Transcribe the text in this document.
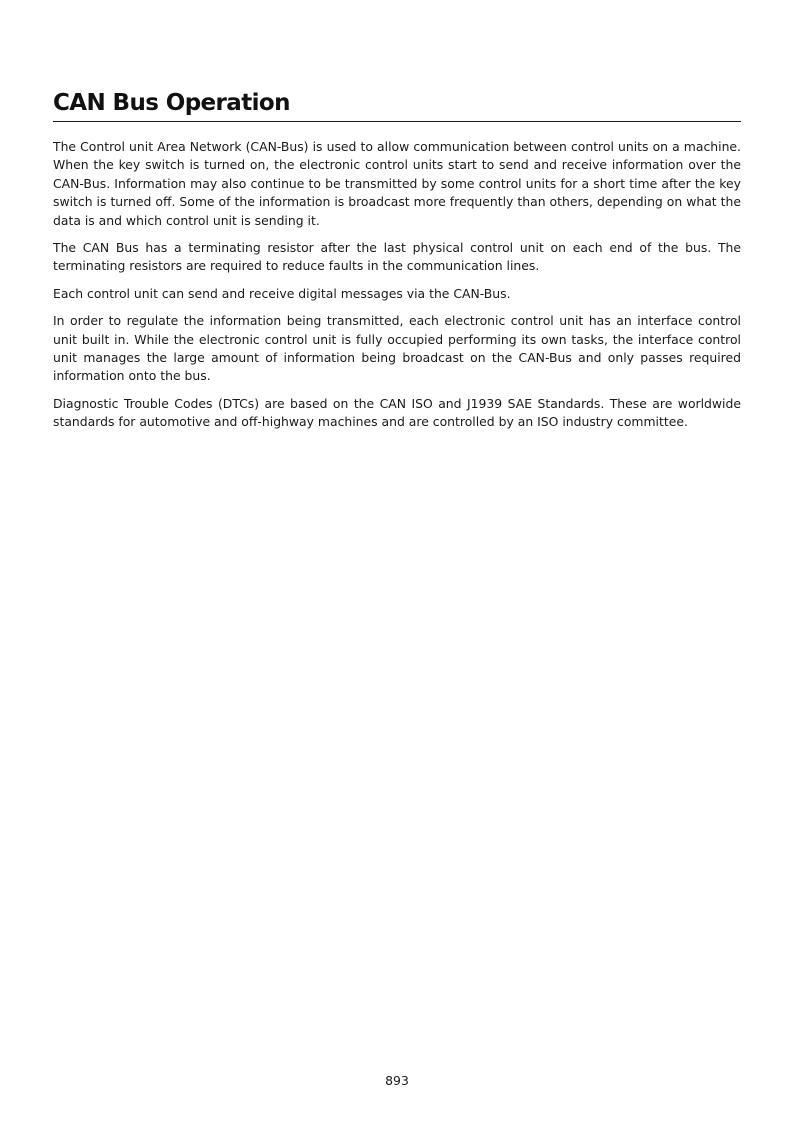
CAN Bus Operation

The Control unit Area Network (CAN-Bus) is used to allow communication between control units on a machine. When the key switch is turned on, the electronic control units start to send and receive information over the CAN-Bus. Information may also continue to be transmitted by some control units for a short time after the key switch is turned off. Some of the information is broadcast more frequently than others, depending on what the data is and which control unit is sending it.

The CAN Bus has a terminating resistor after the last physical control unit on each end of the bus. The terminating resistors are required to reduce faults in the communication lines.

Each control unit can send and receive digital messages via the CAN-Bus.

In order to regulate the information being transmitted, each electronic control unit has an interface control unit built in. While the electronic control unit is fully occupied performing its own tasks, the interface control unit manages the large amount of information being broadcast on the CAN-Bus and only passes required information onto the bus.

Diagnostic Trouble Codes (DTCs) are based on the CAN ISO and J1939 SAE Standards. These are worldwide standards for automotive and off-highway machines and are controlled by an ISO industry committee.

893
